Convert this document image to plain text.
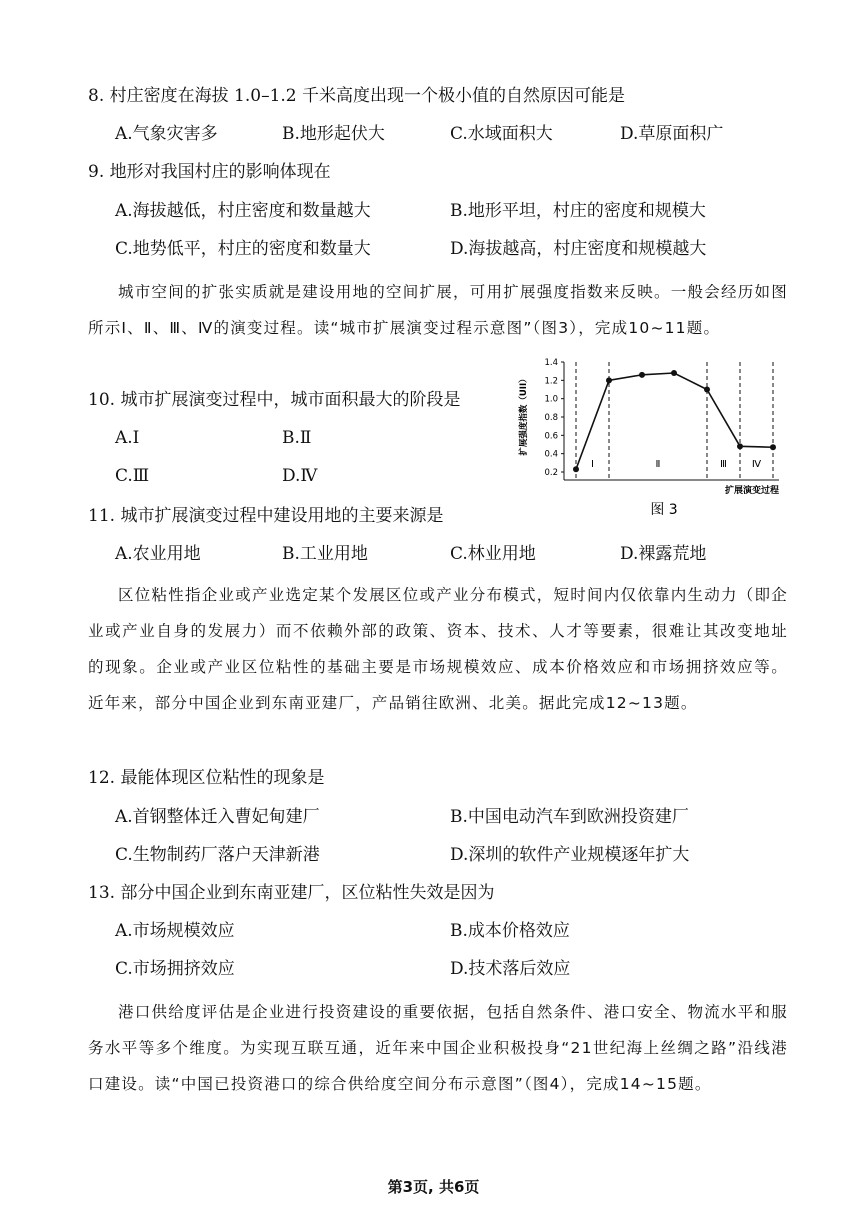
8. 村庄密度在海拔 1.0–1.2 千米高度出现一个极小值的自然原因可能是
A.气象灾害多	B.地形起伏大	C.水域面积大	D.草原面积广
9. 地形对我国村庄的影响体现在
A.海拔越低，村庄密度和数量越大	B.地形平坦，村庄的密度和规模大
C.地势低平，村庄的密度和数量大	D.海拔越高，村庄密度和规模越大
城市空间的扩张实质就是建设用地的空间扩展，可用扩展强度指数来反映。一般会经历如图所示Ⅰ、Ⅱ、Ⅲ、Ⅳ的演变过程。读“城市扩展演变过程示意图”（图3），完成10~11题。
10. 城市扩展演变过程中，城市面积最大的阶段是
A.Ⅰ	B.Ⅱ
C.Ⅲ	D.Ⅳ
扩展强度指数（UII）
0.2
0.4
0.6
0.8
1.0
1.2
1.4
Ⅰ	Ⅱ	Ⅲ Ⅳ
扩展演变过程
图 3
11. 城市扩展演变过程中建设用地的主要来源是
A.农业用地	B.工业用地	C.林业用地	D.裸露荒地
区位粘性指企业或产业选定某个发展区位或产业分布模式，短时间内仅依靠内生动力（即企业或产业自身的发展力）而不依赖外部的政策、资本、技术、人才等要素，很难让其改变地址的现象。企业或产业区位粘性的基础主要是市场规模效应、成本价格效应和市场拥挤效应等。近年来，部分中国企业到东南亚建厂，产品销往欧洲、北美。据此完成12~13题。
12. 最能体现区位粘性的现象是
A.首钢整体迁入曹妃甸建厂	B.中国电动汽车到欧洲投资建厂
C.生物制药厂落户天津新港	D.深圳的软件产业规模逐年扩大
13. 部分中国企业到东南亚建厂，区位粘性失效是因为
A.市场规模效应	B.成本价格效应
C.市场拥挤效应	D.技术落后效应
港口供给度评估是企业进行投资建设的重要依据，包括自然条件、港口安全、物流水平和服务水平等多个维度。为实现互联互通，近年来中国企业积极投身“21世纪海上丝绸之路”沿线港口建设。读“中国已投资港口的综合供给度空间分布示意图”（图4），完成14~15题。
第3页, 共6页
